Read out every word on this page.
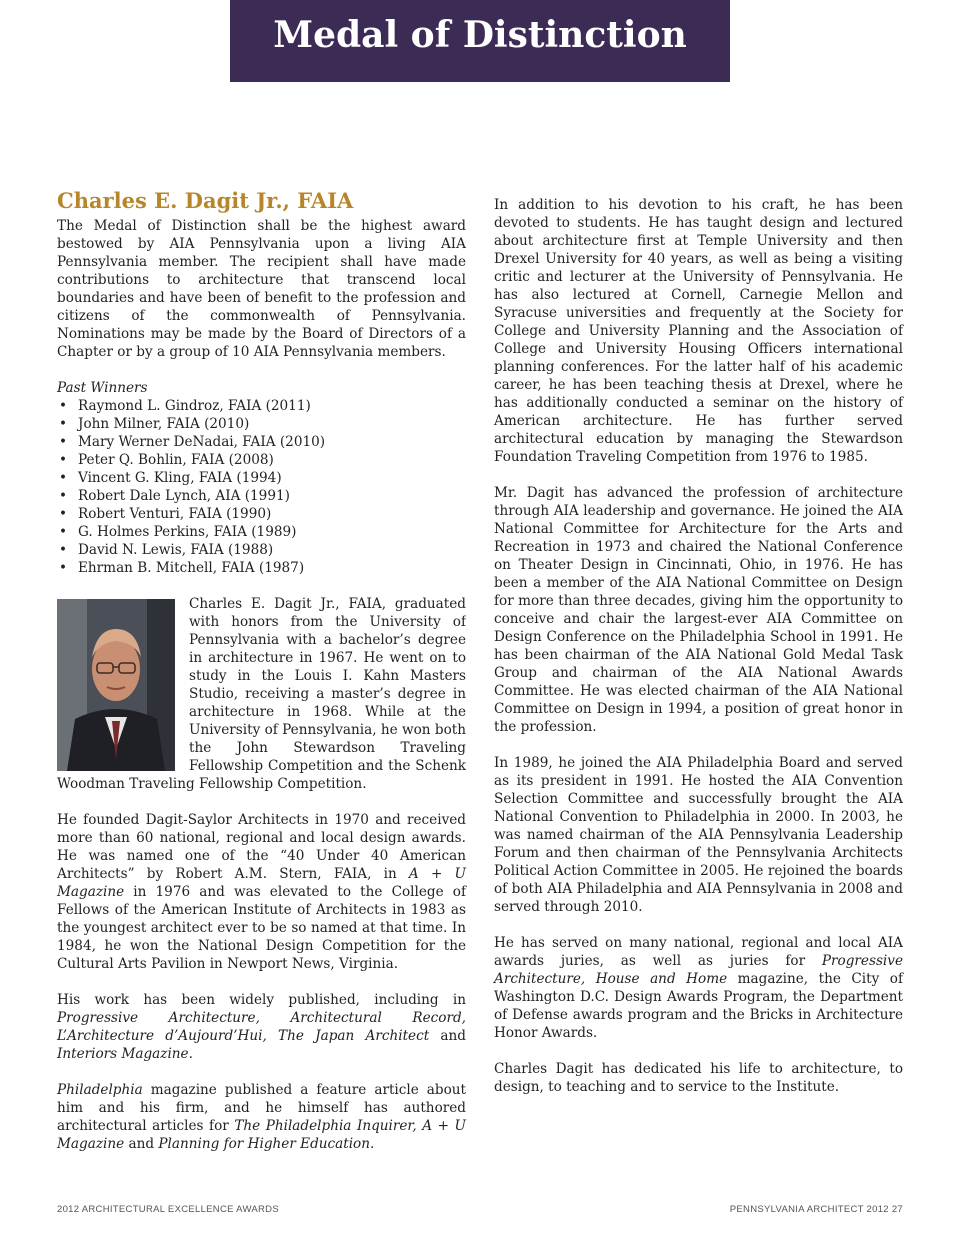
Medal of Distinction
Charles E. Dagit Jr., FAIA

The Medal of Distinction shall be the highest award bestowed by AIA Pennsylvania upon a living AIA Pennsylvania member. The recipient shall have made contributions to architecture that transcend local boundaries and have been of benefit to the profession and citizens of the commonwealth of Pennsylvania. Nominations may be made by the Board of Directors of a Chapter or by a group of 10 AIA Pennsylvania members.

Past Winners
• Raymond L. Gindroz, FAIA (2011)
• John Milner, FAIA (2010)
• Mary Werner DeNadai, FAIA (2010)
• Peter Q. Bohlin, FAIA (2008)
• Vincent G. Kling, FAIA (1994)
• Robert Dale Lynch, AIA (1991)
• Robert Venturi, FAIA (1990)
• G. Holmes Perkins, FAIA (1989)
• David N. Lewis, FAIA (1988)
• Ehrman B. Mitchell, FAIA (1987)
Charles E. Dagit Jr., FAIA, graduated with honors from the University of Pennsylvania with a bachelor’s degree in architecture in 1967. He went on to study in the Louis I. Kahn Masters Studio, receiving a master’s degree in architecture in 1968. While at the University of Pennsylvania, he won both the John Stewardson Traveling Fellowship Competition and the Schenk Woodman Traveling Fellowship Competition.

He founded Dagit-Saylor Architects in 1970 and received more than 60 national, regional and local design awards. He was named one of the “40 Under 40 American Architects” by Robert A.M. Stern, FAIA, in A + U Magazine in 1976 and was elevated to the College of Fellows of the American Institute of Architects in 1983 as the youngest architect ever to be so named at that time. In 1984, he won the National Design Competition for the Cultural Arts Pavilion in Newport News, Virginia.

His work has been widely published, including in Progressive Architecture, Architectural Record, L’Architecture d’Aujourd’Hui, The Japan Architect and Interiors Magazine.

Philadelphia magazine published a feature article about him and his firm, and he himself has authored architectural articles for The Philadelphia Inquirer, A + U Magazine and Planning for Higher Education.

In addition to his devotion to his craft, he has been devoted to students. He has taught design and lectured about architecture first at Temple University and then Drexel University for 40 years, as well as being a visiting critic and lecturer at the University of Pennsylvania. He has also lectured at Cornell, Carnegie Mellon and Syracuse universities and frequently at the Society for College and University Planning and the Association of College and University Housing Officers international planning conferences. For the latter half of his academic career, he has been teaching thesis at Drexel, where he has additionally conducted a seminar on the history of American architecture. He has further served architectural education by managing the Stewardson Foundation Traveling Competition from 1976 to 1985.

Mr. Dagit has advanced the profession of architecture through AIA leadership and governance. He joined the AIA National Committee for Architecture for the Arts and Recreation in 1973 and chaired the National Conference on Theater Design in Cincinnati, Ohio, in 1976. He has been a member of the AIA National Committee on Design for more than three decades, giving him the opportunity to conceive and chair the largest-ever AIA Committee on Design Conference on the Philadelphia School in 1991. He has been chairman of the AIA National Gold Medal Task Group and chairman of the AIA National Awards Committee. He was elected chairman of the AIA National Committee on Design in 1994, a position of great honor in the profession.

In 1989, he joined the AIA Philadelphia Board and served as its president in 1991. He hosted the AIA Convention Selection Committee and successfully brought the AIA National Convention to Philadelphia in 2000. In 2003, he was named chairman of the AIA Pennsylvania Leadership Forum and then chairman of the Pennsylvania Architects Political Action Committee in 2005. He rejoined the boards of both AIA Philadelphia and AIA Pennsylvania in 2008 and served through 2010.

He has served on many national, regional and local AIA awards juries, as well as juries for Progressive Architecture, House and Home magazine, the City of Washington D.C. Design Awards Program, the Department of Defense awards program and the Bricks in Architecture Honor Awards.

Charles Dagit has dedicated his life to architecture, to design, to teaching and to service to the Institute.

2012 ARCHITECTURAL EXCELLENCE AWARDS	PENNSYLVANIA ARCHITECT 2012 27
